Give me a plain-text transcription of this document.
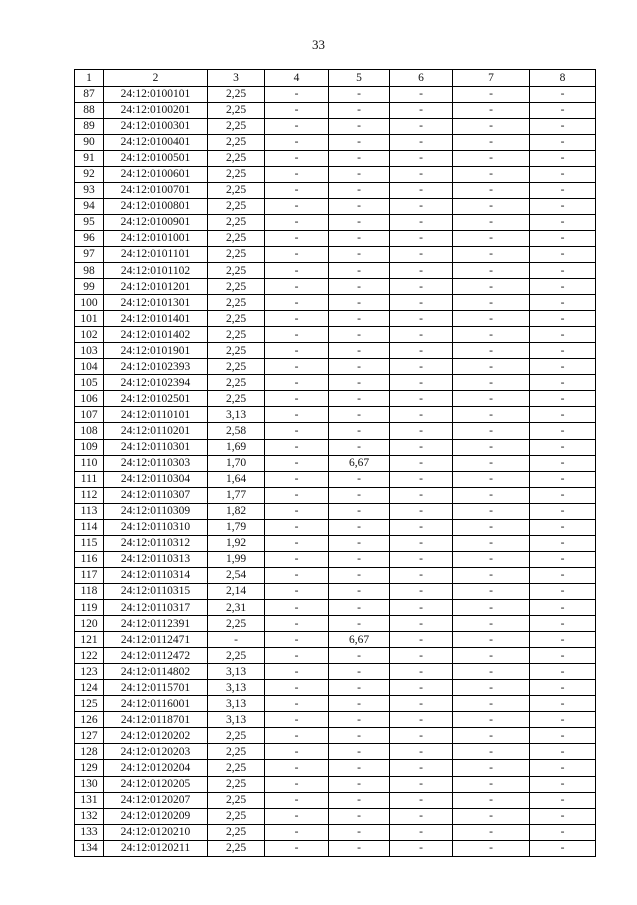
33
1	2	3	4	5	6	7	8
87	24:12:0100101	2,25	-	-	-	-	-
88	24:12:0100201	2,25	-	-	-	-	-
89	24:12:0100301	2,25	-	-	-	-	-
90	24:12:0100401	2,25	-	-	-	-	-
91	24:12:0100501	2,25	-	-	-	-	-
92	24:12:0100601	2,25	-	-	-	-	-
93	24:12:0100701	2,25	-	-	-	-	-
94	24:12:0100801	2,25	-	-	-	-	-
95	24:12:0100901	2,25	-	-	-	-	-
96	24:12:0101001	2,25	-	-	-	-	-
97	24:12:0101101	2,25	-	-	-	-	-
98	24:12:0101102	2,25	-	-	-	-	-
99	24:12:0101201	2,25	-	-	-	-	-
100	24:12:0101301	2,25	-	-	-	-	-
101	24:12:0101401	2,25	-	-	-	-	-
102	24:12:0101402	2,25	-	-	-	-	-
103	24:12:0101901	2,25	-	-	-	-	-
104	24:12:0102393	2,25	-	-	-	-	-
105	24:12:0102394	2,25	-	-	-	-	-
106	24:12:0102501	2,25	-	-	-	-	-
107	24:12:0110101	3,13	-	-	-	-	-
108	24:12:0110201	2,58	-	-	-	-	-
109	24:12:0110301	1,69	-	-	-	-	-
110	24:12:0110303	1,70	-	6,67	-	-	-
111	24:12:0110304	1,64	-	-	-	-	-
112	24:12:0110307	1,77	-	-	-	-	-
113	24:12:0110309	1,82	-	-	-	-	-
114	24:12:0110310	1,79	-	-	-	-	-
115	24:12:0110312	1,92	-	-	-	-	-
116	24:12:0110313	1,99	-	-	-	-	-
117	24:12:0110314	2,54	-	-	-	-	-
118	24:12:0110315	2,14	-	-	-	-	-
119	24:12:0110317	2,31	-	-	-	-	-
120	24:12:0112391	2,25	-	-	-	-	-
121	24:12:0112471	-	-	6,67	-	-	-
122	24:12:0112472	2,25	-	-	-	-	-
123	24:12:0114802	3,13	-	-	-	-	-
124	24:12:0115701	3,13	-	-	-	-	-
125	24:12:0116001	3,13	-	-	-	-	-
126	24:12:0118701	3,13	-	-	-	-	-
127	24:12:0120202	2,25	-	-	-	-	-
128	24:12:0120203	2,25	-	-	-	-	-
129	24:12:0120204	2,25	-	-	-	-	-
130	24:12:0120205	2,25	-	-	-	-	-
131	24:12:0120207	2,25	-	-	-	-	-
132	24:12:0120209	2,25	-	-	-	-	-
133	24:12:0120210	2,25	-	-	-	-	-
134	24:12:0120211	2,25	-	-	-	-	-
